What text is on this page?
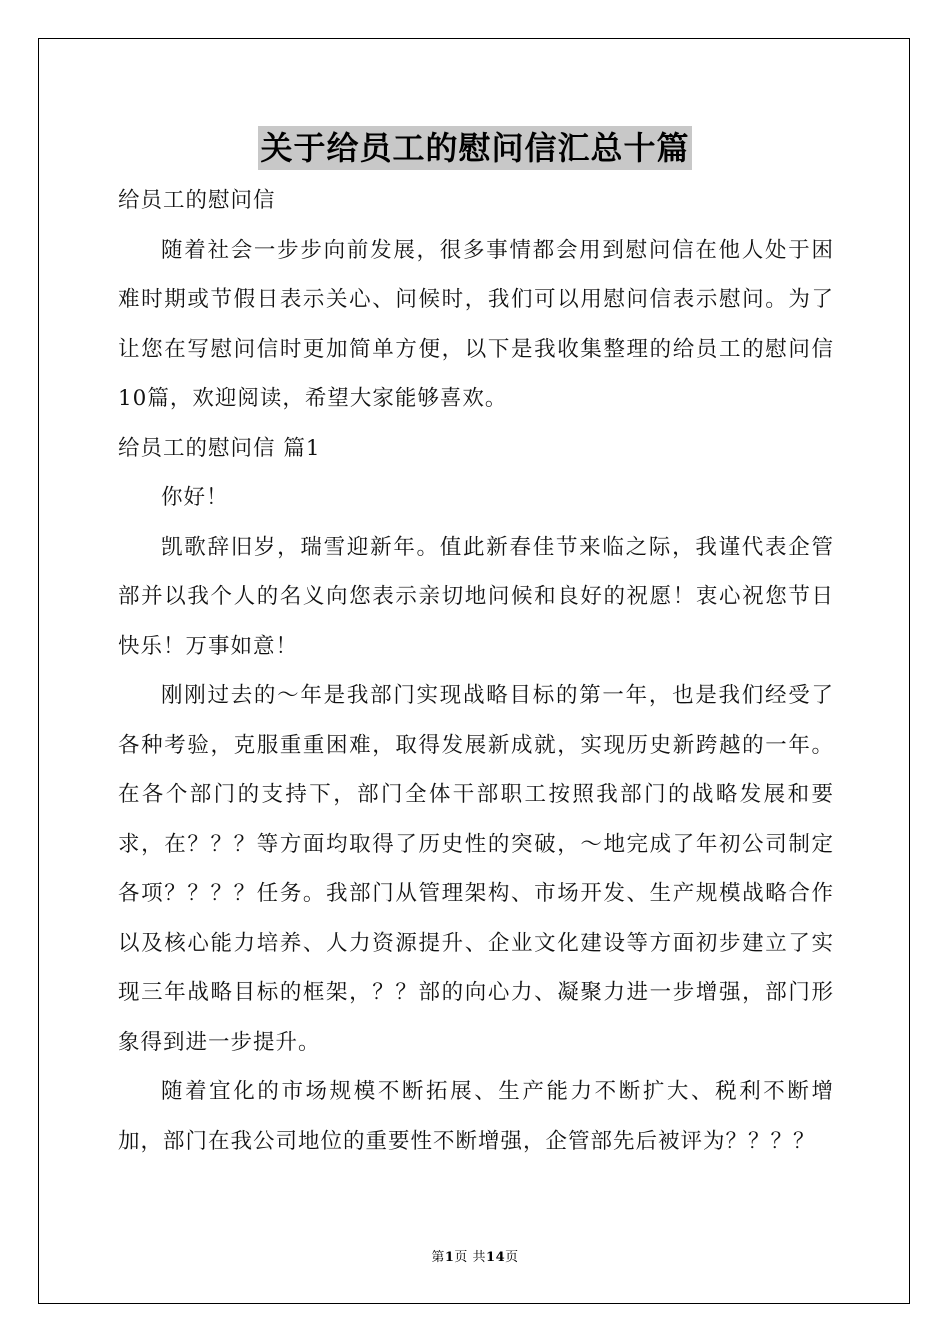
关于给员工的慰问信汇总十篇

给员工的慰问信

随着社会一步步向前发展，很多事情都会用到慰问信在他人处于困难时期或节假日表示关心、问候时，我们可以用慰问信表示慰问。为了让您在写慰问信时更加简单方便，以下是我收集整理的给员工的慰问信10篇，欢迎阅读，希望大家能够喜欢。

给员工的慰问信 篇1

你好！

凯歌辞旧岁，瑞雪迎新年。值此新春佳节来临之际，我谨代表企管部并以我个人的名义向您表示亲切地问候和良好的祝愿！衷心祝您节日快乐！万事如意！

刚刚过去的～年是我部门实现战略目标的第一年，也是我们经受了各种考验，克服重重困难，取得发展新成就，实现历史新跨越的一年。在各个部门的支持下，部门全体干部职工按照我部门的战略发展和要求，在？？？等方面均取得了历史性的突破，～地完成了年初公司制定各项？？？？任务。我部门从管理架构、市场开发、生产规模战略合作以及核心能力培养、人力资源提升、企业文化建设等方面初步建立了实现三年战略目标的框架，？？部的向心力、凝聚力进一步增强，部门形象得到进一步提升。

随着宜化的市场规模不断拓展、生产能力不断扩大、税利不断增加，部门在我公司地位的重要性不断增强，企管部先后被评为？？？？

第1页 共14页
